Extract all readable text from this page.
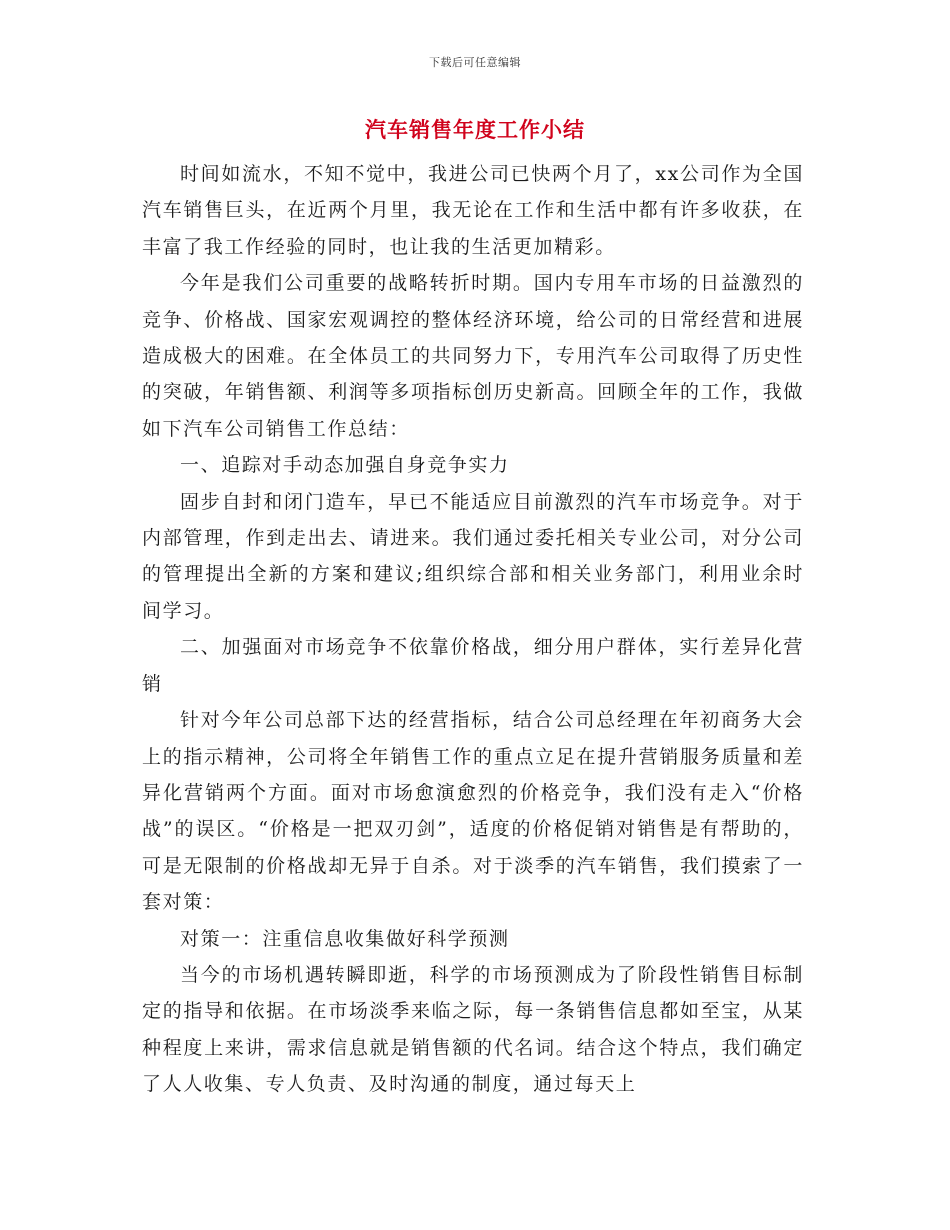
下载后可任意编辑
汽车销售年度工作小结

时间如流水，不知不觉中，我进公司已快两个月了，xx公司作为全国汽车销售巨头，在近两个月里，我无论在工作和生活中都有许多收获，在丰富了我工作经验的同时，也让我的生活更加精彩。

今年是我们公司重要的战略转折时期。国内专用车市场的日益激烈的竞争、价格战、国家宏观调控的整体经济环境，给公司的日常经营和进展造成极大的困难。在全体员工的共同努力下，专用汽车公司取得了历史性的突破，年销售额、利润等多项指标创历史新高。回顾全年的工作，我做如下汽车公司销售工作总结：

一、追踪对手动态加强自身竞争实力

固步自封和闭门造车，早已不能适应目前激烈的汽车市场竞争。对于内部管理，作到走出去、请进来。我们通过委托相关专业公司，对分公司的管理提出全新的方案和建议;组织综合部和相关业务部门，利用业余时间学习。

二、加强面对市场竞争不依靠价格战，细分用户群体，实行差异化营销

针对今年公司总部下达的经营指标，结合公司总经理在年初商务大会上的指示精神，公司将全年销售工作的重点立足在提升营销服务质量和差异化营销两个方面。面对市场愈演愈烈的价格竞争，我们没有走入“价格战”的误区。“价格是一把双刃剑”，适度的价格促销对销售是有帮助的，可是无限制的价格战却无异于自杀。对于淡季的汽车销售，我们摸索了一套对策：

对策一：注重信息收集做好科学预测

当今的市场机遇转瞬即逝，科学的市场预测成为了阶段性销售目标制定的指导和依据。在市场淡季来临之际，每一条销售信息都如至宝，从某种程度上来讲，需求信息就是销售额的代名词。结合这个特点，我们确定了人人收集、专人负责、及时沟通的制度，通过每天上
